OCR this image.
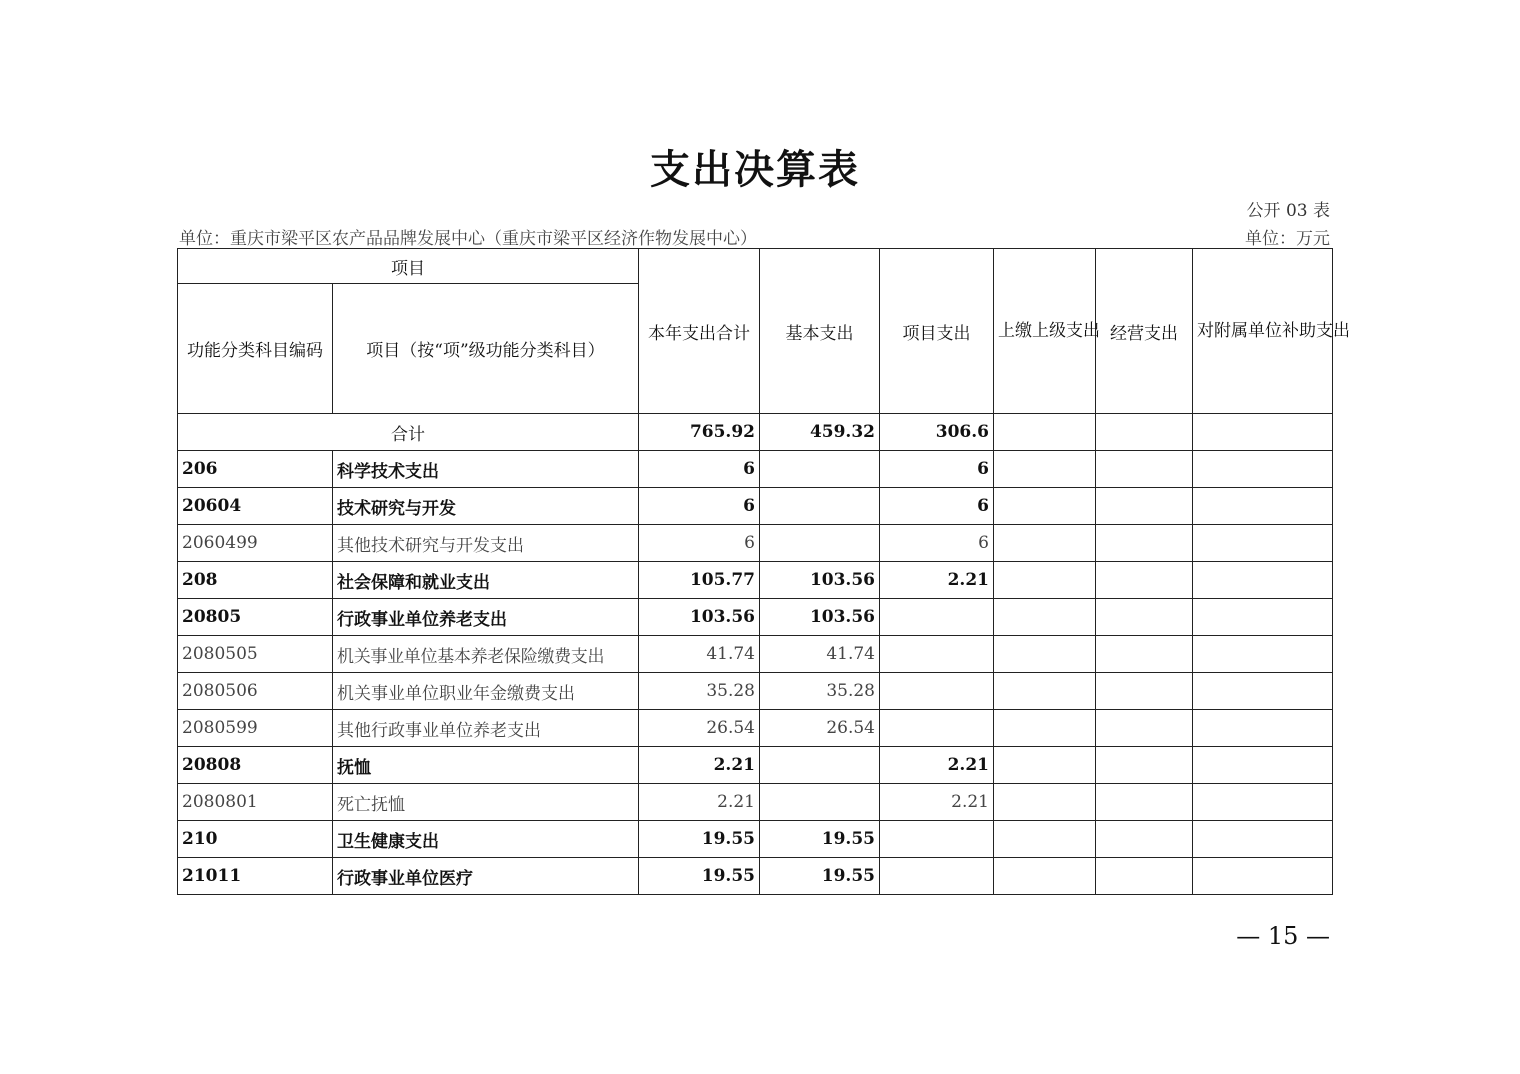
支出决算表
公开 03 表
单位：重庆市梁平区农产品品牌发展中心（重庆市梁平区经济作物发展中心）	单位：万元
项目		本年支出合计	基本支出	项目支出	上缴上级支出	经营支出	对附属单位补助支出
功能分类科目编码	项目（按“项”级功能分类科目）						
合计		765.92	459.32	306.6			
206	科学技术支出	6		6			
20604	技术研究与开发	6		6			
2060499	其他技术研究与开发支出	6		6			
208	社会保障和就业支出	105.77	103.56	2.21			
20805	行政事业单位养老支出	103.56	103.56				
2080505	机关事业单位基本养老保险缴费支出	41.74	41.74				
2080506	机关事业单位职业年金缴费支出	35.28	35.28				
2080599	其他行政事业单位养老支出	26.54	26.54				
20808	抚恤	2.21		2.21			
2080801	死亡抚恤	2.21		2.21			
210	卫生健康支出	19.55	19.55				
21011	行政事业单位医疗	19.55	19.55				
— 15 —
